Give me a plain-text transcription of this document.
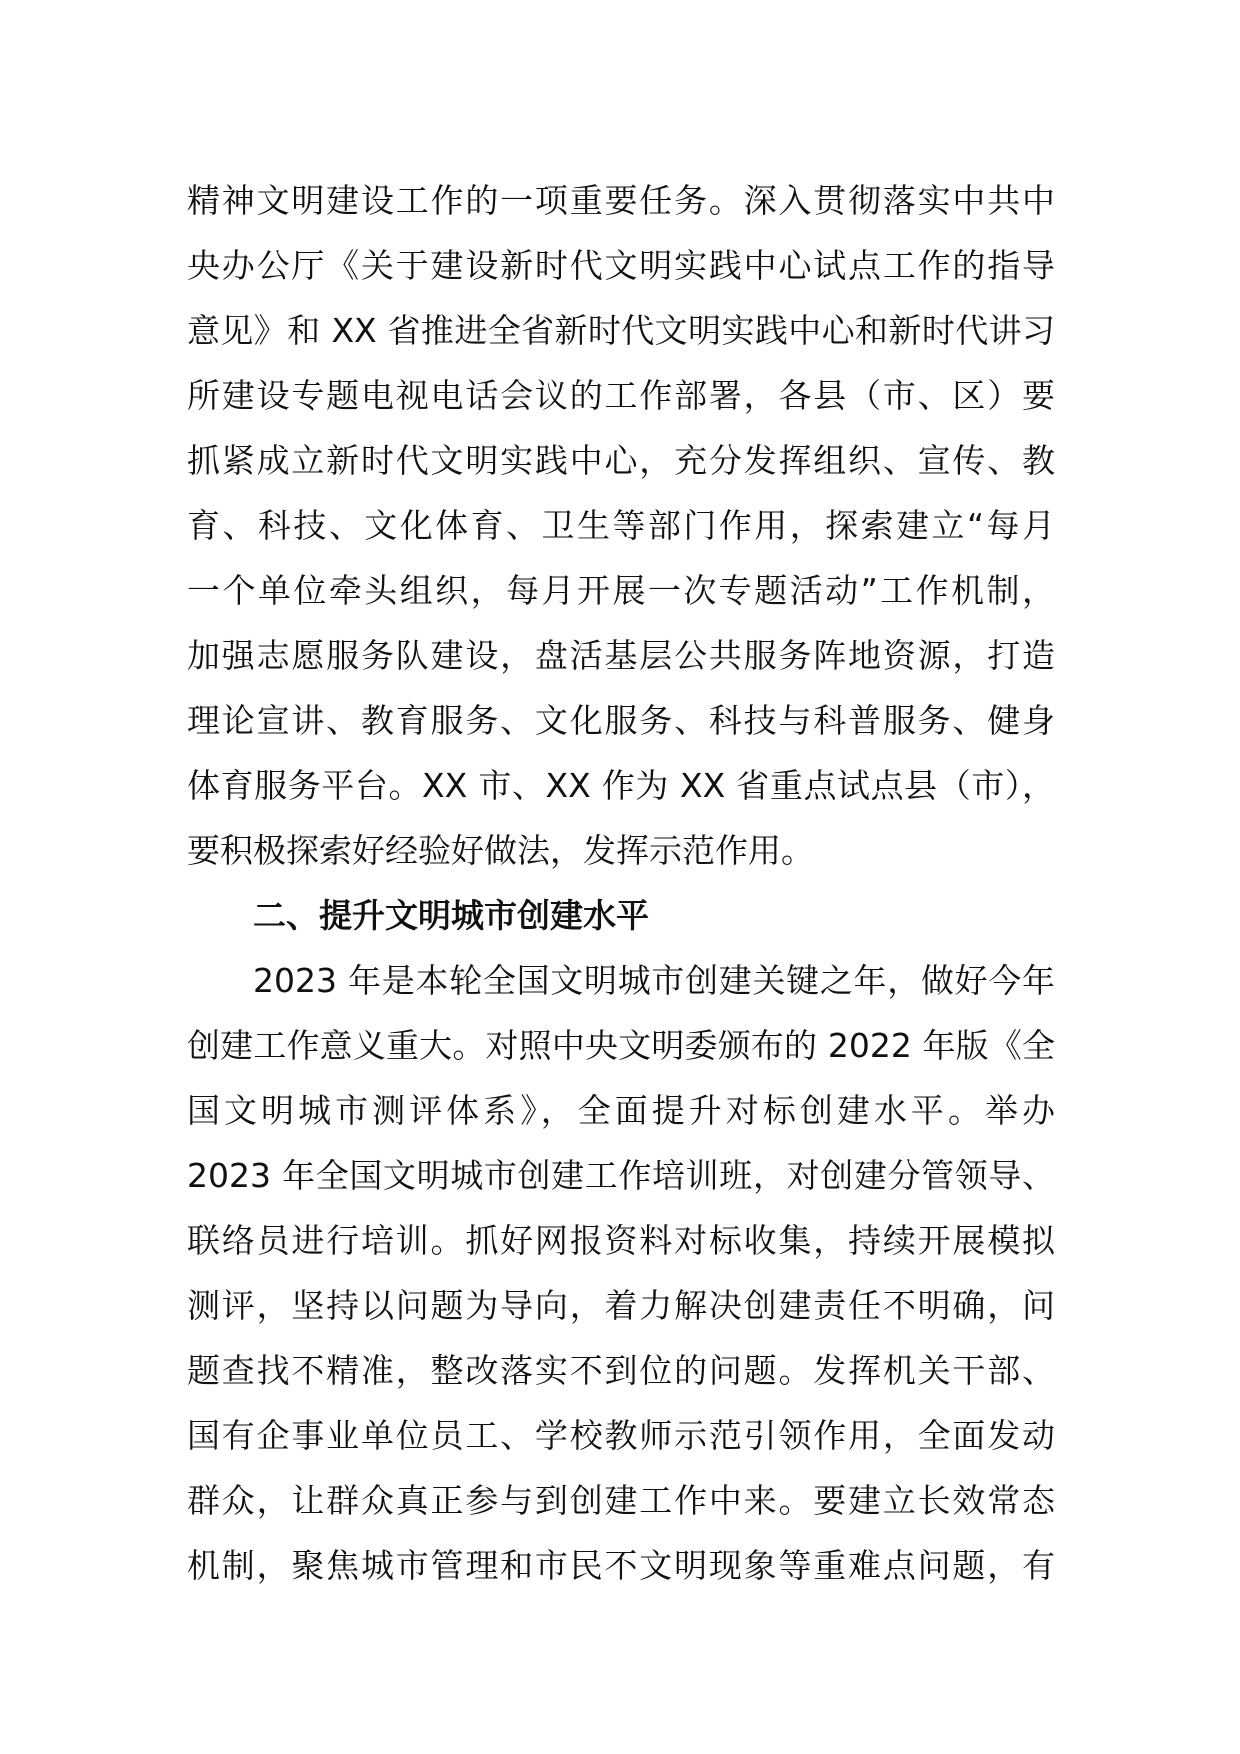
精神文明建设工作的一项重要任务。深入贯彻落实中共中
央办公厅《关于建设新时代文明实践中心试点工作的指导
意见》和 XX 省推进全省新时代文明实践中心和新时代讲习
所建设专题电视电话会议的工作部署，各县（市、区）要
抓紧成立新时代文明实践中心，充分发挥组织、宣传、教
育、科技、文化体育、卫生等部门作用，探索建立“每月
一个单位牵头组织，每月开展一次专题活动”工作机制，
加强志愿服务队建设，盘活基层公共服务阵地资源，打造
理论宣讲、教育服务、文化服务、科技与科普服务、健身
体育服务平台。XX 市、XX 作为 XX 省重点试点县（市），
要积极探索好经验好做法，发挥示范作用。
二、提升文明城市创建水平
2023 年是本轮全国文明城市创建关键之年，做好今年
创建工作意义重大。对照中央文明委颁布的 2022 年版《全
国文明城市测评体系》，全面提升对标创建水平。举办
2023 年全国文明城市创建工作培训班，对创建分管领导、
联络员进行培训。抓好网报资料对标收集，持续开展模拟
测评，坚持以问题为导向，着力解决创建责任不明确，问
题查找不精准，整改落实不到位的问题。发挥机关干部、
国有企事业单位员工、学校教师示范引领作用，全面发动
群众，让群众真正参与到创建工作中来。要建立长效常态
机制，聚焦城市管理和市民不文明现象等重难点问题，有
